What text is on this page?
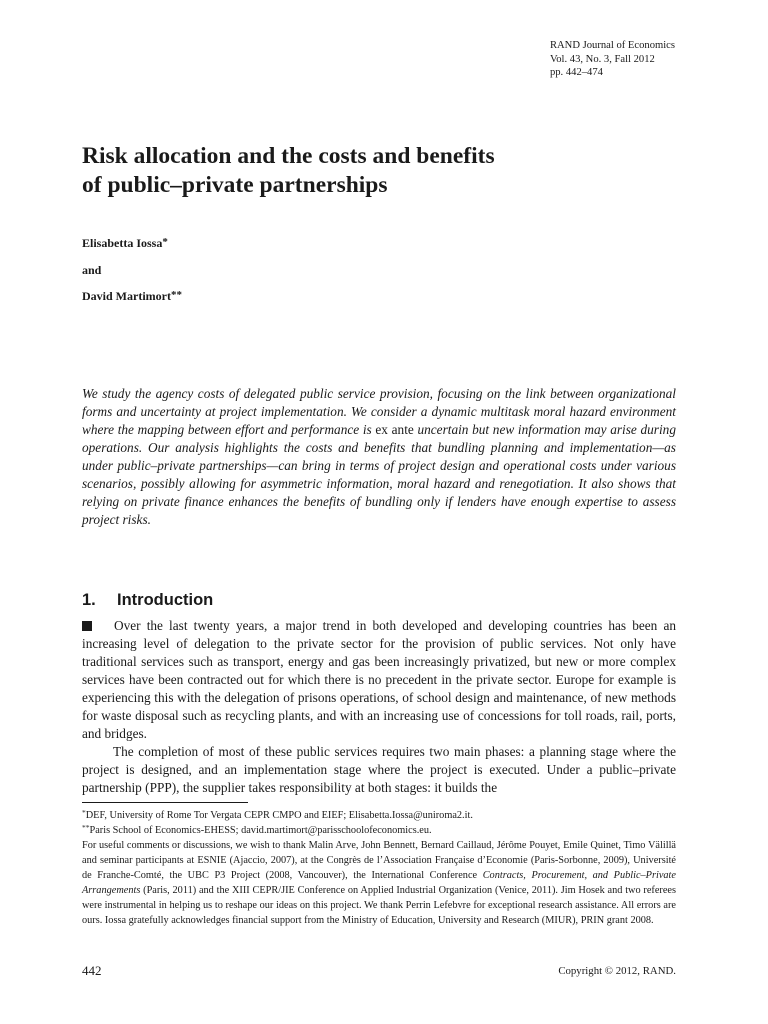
RAND Journal of Economics
Vol. 43, No. 3, Fall 2012
pp. 442–474
Risk allocation and the costs and benefits
of public–private partnerships
Elisabetta Iossa*
and
David Martimort**

We study the agency costs of delegated public service provision, focusing on the link between organizational forms and uncertainty at project implementation. We consider a dynamic multitask moral hazard environment where the mapping between effort and performance is ex ante uncertain but new information may arise during operations. Our analysis highlights the costs and benefits that bundling planning and implementation—as under public–private partnerships—can bring in terms of project design and operational costs under various scenarios, possibly allowing for asymmetric information, moral hazard and renegotiation. It also shows that relying on private finance enhances the benefits of bundling only if lenders have enough expertise to assess project risks.

1. Introduction

Over the last twenty years, a major trend in both developed and developing countries has been an increasing level of delegation to the private sector for the provision of public services. Not only have traditional services such as transport, energy and gas been increasingly privatized, but new or more complex services have been contracted out for which there is no precedent in the private sector. Europe for example is experiencing this with the delegation of prisons operations, of school design and maintenance, of new methods for waste disposal such as recycling plants, and with an increasing use of concessions for toll roads, rail, ports, and bridges.

The completion of most of these public services requires two main phases: a planning stage where the project is designed, and an implementation stage where the project is executed. Under a public–private partnership (PPP), the supplier takes responsibility at both stages: it builds the

*DEF, University of Rome Tor Vergata CEPR CMPO and EIEF; Elisabetta.Iossa@uniroma2.it.

**Paris School of Economics-EHESS; david.martimort@parisschoolofeconomics.eu.

For useful comments or discussions, we wish to thank Malin Arve, John Bennett, Bernard Caillaud, Jérôme Pouyet, Emile Quinet, Timo Välillä and seminar participants at ESNIE (Ajaccio, 2007), at the Congrès de l’Association Française d’Economie (Paris-Sorbonne, 2009), Université de Franche-Comté, the UBC P3 Project (2008, Vancouver), the International Conference Contracts, Procurement, and Public–Private Arrangements (Paris, 2011) and the XIII CEPR/JIE Conference on Applied Industrial Organization (Venice, 2011). Jim Hosek and two referees were instrumental in helping us to reshape our ideas on this project. We thank Perrin Lefebvre for exceptional research assistance. All errors are ours. Iossa gratefully acknowledges financial support from the Ministry of Education, University and Research (MIUR), PRIN grant 2008.

442	Copyright © 2012, RAND.
